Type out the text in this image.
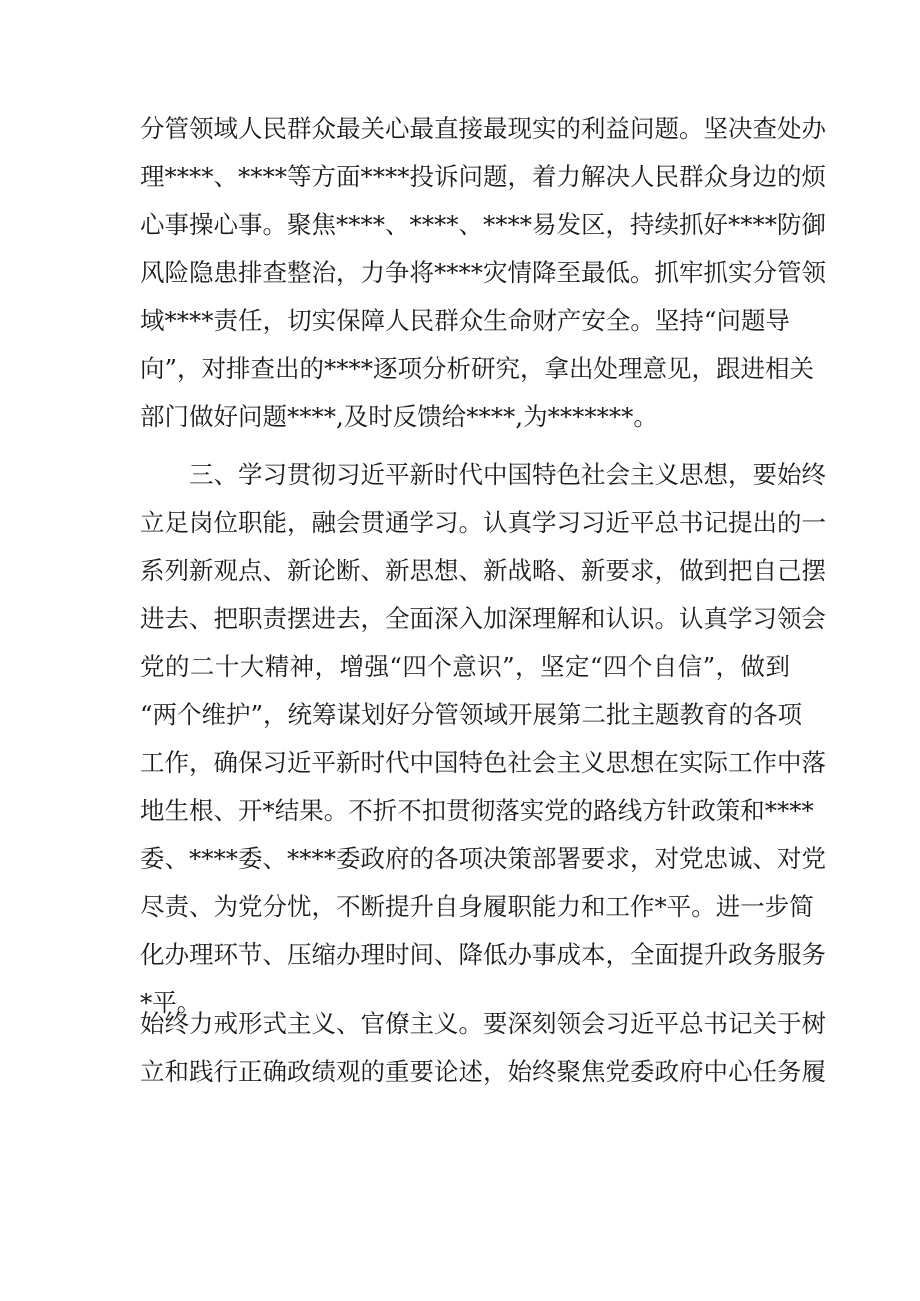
分管领域人民群众最关心最直接最现实的利益问题。坚决查处办
理****、****等方面****投诉问题，着力解决人民群众身边的烦
心事操心事。聚焦****、****、****易发区，持续抓好****防御
风险隐患排查整治，力争将****灾情降至最低。抓牢抓实分管领
域****责任，切实保障人民群众生命财产安全。坚持“问题导
向”，对排查出的****逐项分析研究，拿出处理意见，跟进相关
部门做好问题****,及时反馈给****,为*******。
　　三、学习贯彻习近平新时代中国特色社会主义思想，要始终
立足岗位职能，融会贯通学习。认真学习习近平总书记提出的一
系列新观点、新论断、新思想、新战略、新要求，做到把自己摆
进去、把职责摆进去，全面深入加深理解和认识。认真学习领会
党的二十大精神，增强“四个意识”，坚定“四个自信”，做到
“两个维护”，统筹谋划好分管领域开展第二批主题教育的各项
工作，确保习近平新时代中国特色社会主义思想在实际工作中落
地生根、开*结果。不折不扣贯彻落实党的路线方针政策和****
委、****委、****委政府的各项决策部署要求，对党忠诚、对党
尽责、为党分忧，不断提升自身履职能力和工作*平。进一步简
化办理环节、压缩办理时间、降低办事成本，全面提升政务服务
*平。
始终力戒形式主义、官僚主义。要深刻领会习近平总书记关于树
立和践行正确政绩观的重要论述，始终聚焦党委政府中心任务履
